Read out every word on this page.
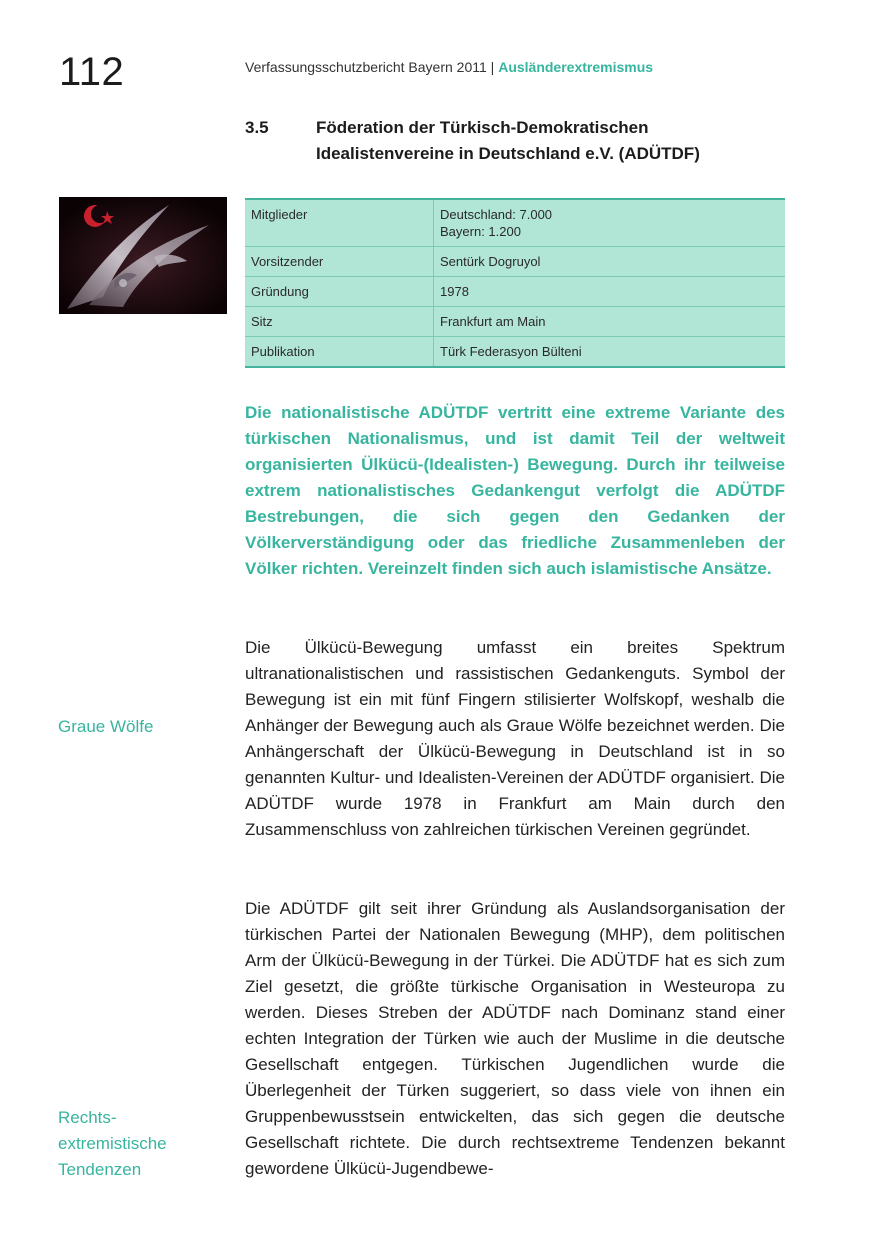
112	Verfassungsschutzbericht Bayern 2011 | Ausländerextremismus
3.5	Föderation der Türkisch-Demokratischen Idealistenvereine in Deutschland e.V. (ADÜTDF)
Mitglieder	Deutschland: 7.000
Bayern: 1.200

Vorsitzender	Sentürk Dogruyol
Gründung	1978
Sitz	Frankfurt am Main
Publikation	Türk Federasyon Bülteni
Die nationalistische ADÜTDF vertritt eine extreme Variante des türkischen Nationalismus, und ist damit Teil der weltweit organisierten Ülkücü-(Idealisten-) Bewegung. Durch ihr teilweise extrem nationalistisches Gedankengut verfolgt die ADÜTDF Bestrebungen, die sich gegen den Gedanken der Völkerverständigung oder das friedliche Zusammenleben der Völker richten. Vereinzelt finden sich auch islamistische Ansätze.
Die Ülkücü-Bewegung umfasst ein breites Spektrum ultranationalistischen und rassistischen Gedankenguts. Symbol der Bewegung ist ein mit fünf Fingern stilisierter Wolfskopf, weshalb die Anhänger der Bewegung auch als Graue Wölfe bezeichnet werden. Die Anhängerschaft der Ülkücü-Bewegung in Deutschland ist in so genannten Kultur- und Idealisten-Vereinen der ADÜTDF organisiert. Die ADÜTDF wurde 1978 in Frankfurt am Main durch den Zusammenschluss von zahlreichen türkischen Vereinen gegründet.
Die ADÜTDF gilt seit ihrer Gründung als Auslandsorganisation der türkischen Partei der Nationalen Bewegung (MHP), dem politischen Arm der Ülkücü-Bewegung in der Türkei. Die ADÜTDF hat es sich zum Ziel gesetzt, die größte türkische Organisation in Westeuropa zu werden. Dieses Streben der ADÜTDF nach Dominanz stand einer echten Integration der Türken wie auch der Muslime in die deutsche Gesellschaft entgegen. Türkischen Jugendlichen wurde die Überlegenheit der Türken suggeriert, so dass viele von ihnen ein Gruppenbewusstsein entwickelten, das sich gegen die deutsche Gesellschaft richtete. Die durch rechtsextreme Tendenzen bekannt gewordene Ülkücü-Jugendbewe-
Graue Wölfe
Rechts-
extremistische
Tendenzen
